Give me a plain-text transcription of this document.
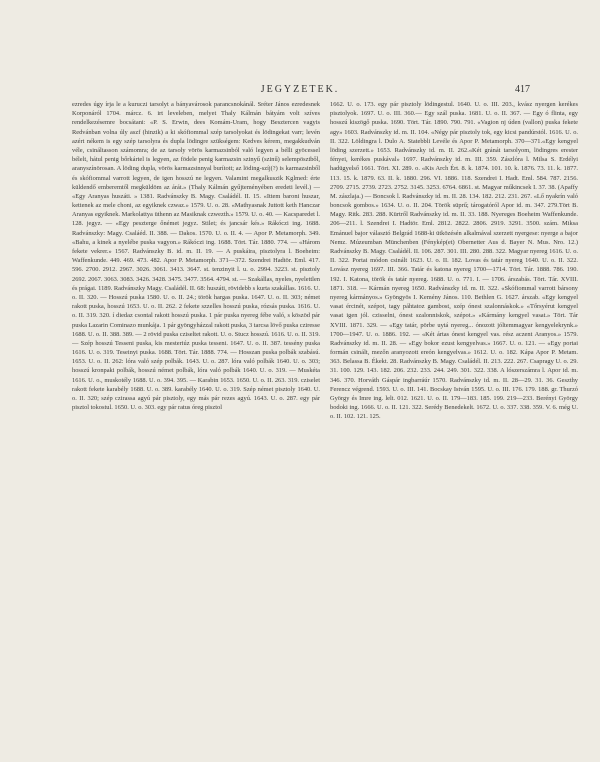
JEGYZETEK.	417

ezredes úgy írja le a kuruczi tarsolyt a bányavárosok parancsnokánál. Sréter János ezredesnek Korponáról 1704. márcz. 6. irt leveleben, melyet Thaly Kálmán bátyám volt szíves rendelkezésemre bocsátani: «P. S. Erwin, dees Komám-Uram, hogy Besztercen vagyis Redvánban volna úly aszf (hinzik) a ki skófiommal szép tarsolyokat és lödingekat varr; levén azért nékem is egy szép tarsolyra és dupla lödingre szükségem: Kedves kérem, megakkudván véle, csináltasson számomra; de az tarsoly vörös karmazsinból való legyen a bélli gyöcessel bélelt, hátul penig bőrkártel is legyen, az födele penig karmazsin szinyű (szinű) selempösztből, aranyszínörosan. A löding dupla, vörös karmazsinnyal burított; az löding-szíj(?) is karmazsinből és skófiommal varrott legyen, de igen hosszú ne legyen. Valamint megalkuszik Kglmed: érte küldendő emberemtől megküldöm az árát.» (Thaly Kálmán gyűjteményében eredeti levél.) — «Egy Aranyas huszáti. » 1381. Radvánszky B. Magy. Családél. II. 15. «Ittem baroni huszar, kettenek az mele choni, az egyiknek czwaz.» 1579. U. o. 28. «Mathyasnak Juttott keth Hanczar Aranyas egyiknek. Markolattya üthenn az Masiknak czwezth.» 1579. U. o. 40. — Kacsparedet l. 128. jegyz. — «Egy peszterge őnémet jegyz. Stilet; és jancsár kés.» Rákóczi ing. 1688. Radvánszky: Magy. Csaláéd. II. 388. — Dakos. 1570. U. o. II. 4. — Apor P. Metamorph. 349. «Bahu, a kinek a nyelébe puska vagyon.» Rákóczi ing. 1688. Tört. Tár. 1880. 774. — «Három fekete vekrer.» 1567. Radvánszky B. id. m. II. 19. — A puskáira, pisztolyra l. Boeheim: Waffenkunde. 449. 469. 473. 482. Apor P. Metamorph. 371—372. Szendrei Hadtör. Eml. 417. 596. 2700. 2912. 2967. 3026. 3061. 3413. 3647. st. tenzinyit l. u. o. 2994. 3223. st. pisztoly 2692. 2067. 3063. 3083. 3426. 3428. 3475. 3477. 3564. 4794. st. — Szakállas, nyeles, nyelettlen és prágai. 1189. Radvánszky Magy. Családél. II. 68: huszáti, rövidebb s kurta szakállas. 1616. U. o. II. 320. — Hosszú puska 1580. U. o. II. 24.; török hargas puska. 1647. U. o. II. 303; német rakott puska, hosszú 1653. U. o. II. 262. 2 fekete szzelles hosszú puska, rózsás puska. 1616. U. o. II. 319. 320. í diedaz csontal rakott hosszú puska. 1 pár puska nyereg fébe való, s köszöd pár puska Lazarin Cominazo munkája. 1 pár gyöngyházzal rakott puska, 3 tarcsa lövő puska cziresse 1688. U. o. II. 388. 389. — 2 rövid puska cziseltet rakott. U. o. Stucz hosszú. 1616. U. o. II. 319. — Szép hosszú Tesseni puska, kis mesteriúz puska tesseni. 1647. U. o. II. 387. tessény puska 1616. U. o. 319. Teseinyi puska. 1688. Tört. Tár. 1888. 774. — Hosszan puska polbák szabású. 1653. U. o. II. 262: lóra való szép polbák. 1643. U. o. 287. lóra való polbák 1640. U. o. 303; hosszú kronpaki polbák, hosszú német polbák, lóra való polbák 1640. U. o. 319. — Muskéta 1616. U. o., muskotély 1688. U. o. 394. 395. — Karabin 1653. 1650. U. o. II. 263. 319. cziselet rakott fekete karabély 1688. U. o. 389. karabély 1640. U. o. 319. Szép német pisztoly 1640. U. o. II. 320; szép czirassa agyú pár pisztoly, egy más pár rezes agyú. 1643. U. o. 287. egy pár pisztol tokostul. 1650. U. o. 303. egy pár ratus óreg pisztol

1662. U. o. 173. egy pár pisztoly lödingestul. 1640. U. o. III. 203., kvász nyergen kerékes pisztolyok. 1697. U. o. III. 360.— Egy szál puska. 1681. U. o. II. 367. — Egy ó flinta, egy hosszú kiszögő puska. 1690. Tört. Tár. 1890. 790. 791. «Vagion nj úden (vallon) puska fekete agy» 1603. Radvánszky id. m. II. 104. «Négy pár pisztoly tok, egy kicsi pandúrstól. 1616. U. o. II. 322. Löldingra l. Dulo A. Statebbli Levéle és Apor P. Metamorph. 370—371.«Egy kengyel löding szerzett.» 1653. Radvánszky id. m. II. 262.«Két gránát tarsolyom, lödingres erester fényei, kerékes puskával» 1697. Radvánszky id. m. III. 359. Zászlóra l. Milsa S. Erdélyi hadügyelső 1661. Tört. XI. 289. o. «Kis Arch Ért. 8. k. 1874. 101. 10. k. 1876. 73. 11. k. 1877. 113. 15. k. 1879. 63. II. k. 1880. 296. VI. 1886. 118. Szendrei I. Hadt. Eml. 584. 787. 2156. 2709. 2715. 2739. 2723. 2752. 3145. 3253. 6764. 6861. st. Magyar műkincsek I. 37. 38. (Apaffy M. zászlaja.) — Boncsok l. Radvánszky id. m. II. 28. 134. 182. 212. 231. 267. «Lő nyakrín való boncsok gombos.» 1634. U. o. II. 204. Török süprű; tárogatóról Apor id. m. 347. 279.Tört B. Magy. Ritk. 283. 288. Kürtről Radvánszky id. m. II. 33. 188. Nyereges Boeheim Waffenkunde. 206—211. l. Szendrei I. Hadtör. Eml. 2812. 2822. 2806. 2919. 3291. 3500. szám. Miksa Emánuel bajor választó Belgrád 1688-ki ütközésén alkalmával szerzett nyergese: nyerge a bajor Nemz. Múzeumban Münchenben (Fénykép(et) Obernetter Aus d. Bayer N. Mus. Nro. 12.) Radvánszky B. Magy. Családél. II. 106. 287. 301. III. 280. 288. 322. Magyar nyereg 1616. U. o. II. 322. Portai módon csinált 1623. U. o. II. 182. Lovas és tatár nyereg 1640. U. o. II. 322. Lovász nyereg 1697. III. 366. Tatár és katona nyereg 1700—1714. Tört. Tár. 1888. 786. 190. 192. I. Katona, török és tatár nyereg. 1688. U. o. 771. I. — 1706. árszabás. Tört. Tár. XVIII. 1871. 318. — Kármán nyereg 1650. Radvánszky id. m. II. 322. «Skófiommal varrott bársony nyereg kármányos.» Gyöngyös I. Kemény János. 110. Bethlen G. 1627. árszab. «Egy kengyel vasat ércinét, szépot, tagy páhtatoz gambost, szép ónest szalonnáskok.» «Tőrsyérut kengyel vasat igen jól. czisselni, ónest szalonniskok, szépot.» «Kármány kengyel vasat.» Tört. Tár XVIII. 1871. 329. — «Egy tatár, pörbe uytá nyereg... ónozott jóltemmagyar kengyelekrynk.» 1700—1947. U. o. 1886. 192. — «Két ártas ónest kengyel vas. rész aczent Aranyos.» 1579. Radvánszky id. m. II. 28. — «Egy bokor ezust kengyelvas.» 1667. U. o. 121. — «Egy portai formán csinált, mezőn aranyozott ereón kengyelvas.» 1612. U. o. 182. Kápa Apor P. Metam. 363. Belassa B. Ékekt. 28. Radvánszky B. Magy. Családél. II. 213. 222. 267. Csapragy U. o. 29. 31. 100. 129. 143. 182. 206. 232. 233. 244. 249. 301. 322. 338. A lószerszámra l. Apor id. m. 346. 370. Horváth Gáspár ingbarráúr 1570. Radvánszky id. m. II. 28—29. 31. 36. Geszthy Ferencz végrend. 1593. U. o. III. 141. Bocskay István 1595. U. o. III. 176. 179. 188. gr. Thurzó György és Imre ing. lelt. 012. 1621. U. o. II. 179—183. 185. 199. 219—233. Berényi György bodoki ing. 1666. U. o. II. 121. 322. Serédy Benedekelt. 1672. U. o. 337. 338. 359. V. 6. még U. o. II. 102. 121. 125.
